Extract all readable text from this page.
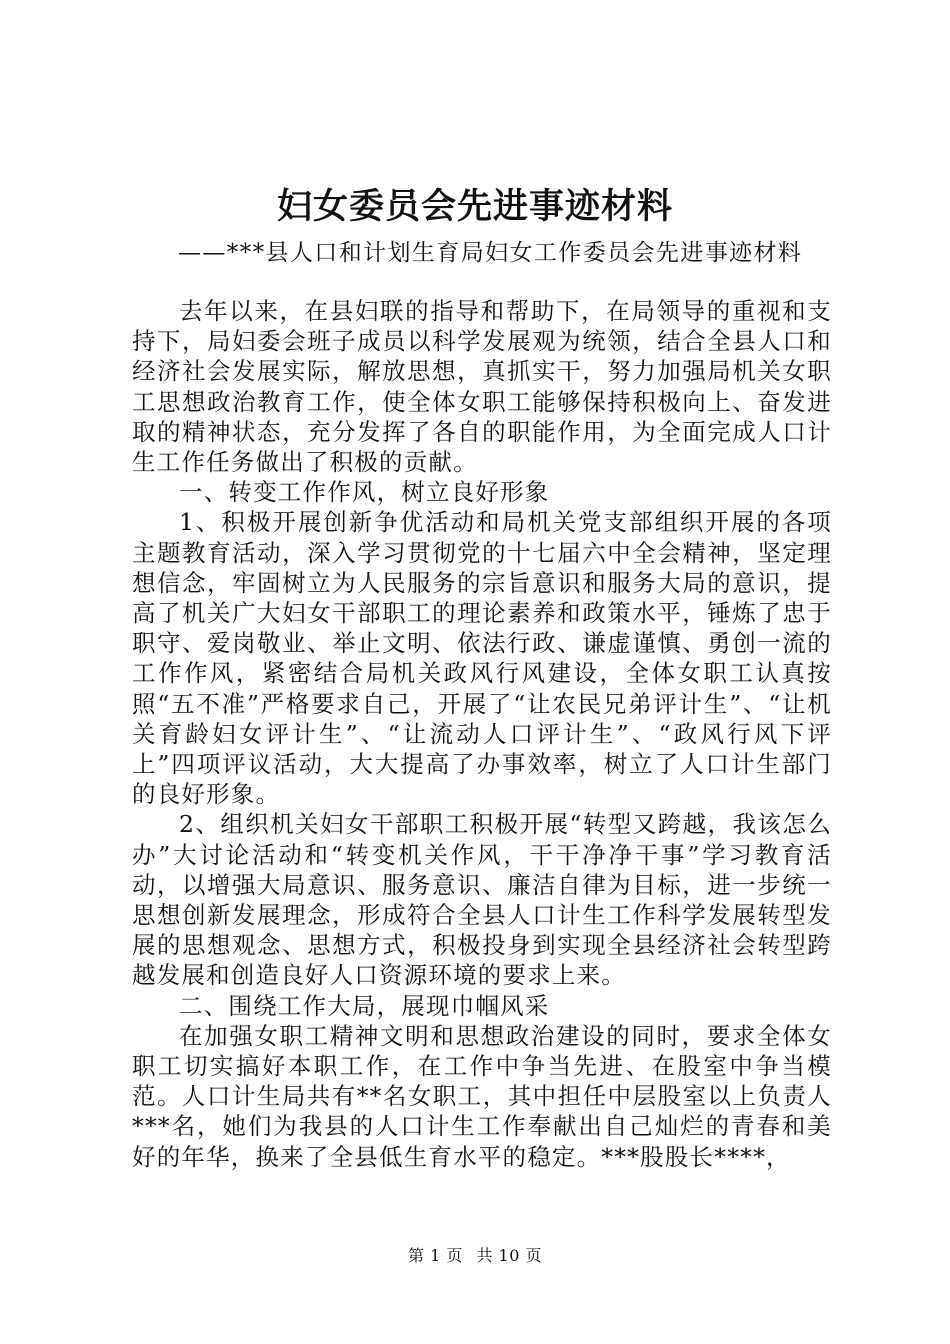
妇女委员会先进事迹材料
——***县人口和计划生育局妇女工作委员会先进事迹材料

去年以来，在县妇联的指导和帮助下，在局领导的重视和支持下，局妇委会班子成员以科学发展观为统领，结合全县人口和经济社会发展实际，解放思想，真抓实干，努力加强局机关女职工思想政治教育工作，使全体女职工能够保持积极向上、奋发进取的精神状态，充分发挥了各自的职能作用，为全面完成人口计生工作任务做出了积极的贡献。

一、转变工作作风，树立良好形象

1、积极开展创新争优活动和局机关党支部组织开展的各项主题教育活动，深入学习贯彻党的十七届六中全会精神，坚定理想信念，牢固树立为人民服务的宗旨意识和服务大局的意识，提高了机关广大妇女干部职工的理论素养和政策水平，锤炼了忠于职守、爱岗敬业、举止文明、依法行政、谦虚谨慎、勇创一流的工作作风，紧密结合局机关政风行风建设，全体女职工认真按照“五不准”严格要求自己，开展了“让农民兄弟评计生”、“让机关育龄妇女评计生”、“让流动人口评计生”、“政风行风下评上”四项评议活动，大大提高了办事效率，树立了人口计生部门的良好形象。

2、组织机关妇女干部职工积极开展“转型又跨越，我该怎么办”大讨论活动和“转变机关作风，干干净净干事”学习教育活动，以增强大局意识、服务意识、廉洁自律为目标，进一步统一思想创新发展理念，形成符合全县人口计生工作科学发展转型发展的思想观念、思想方式，积极投身到实现全县经济社会转型跨越发展和创造良好人口资源环境的要求上来。

二、围绕工作大局，展现巾帼风采

在加强女职工精神文明和思想政治建设的同时，要求全体女职工切实搞好本职工作，在工作中争当先进、在股室中争当模范。人口计生局共有**名女职工，其中担任中层股室以上负责人***名，她们为我县的人口计生工作奉献出自己灿烂的青春和美好的年华，换来了全县低生育水平的稳定。***股股长****，

第 1 页 共 10 页
